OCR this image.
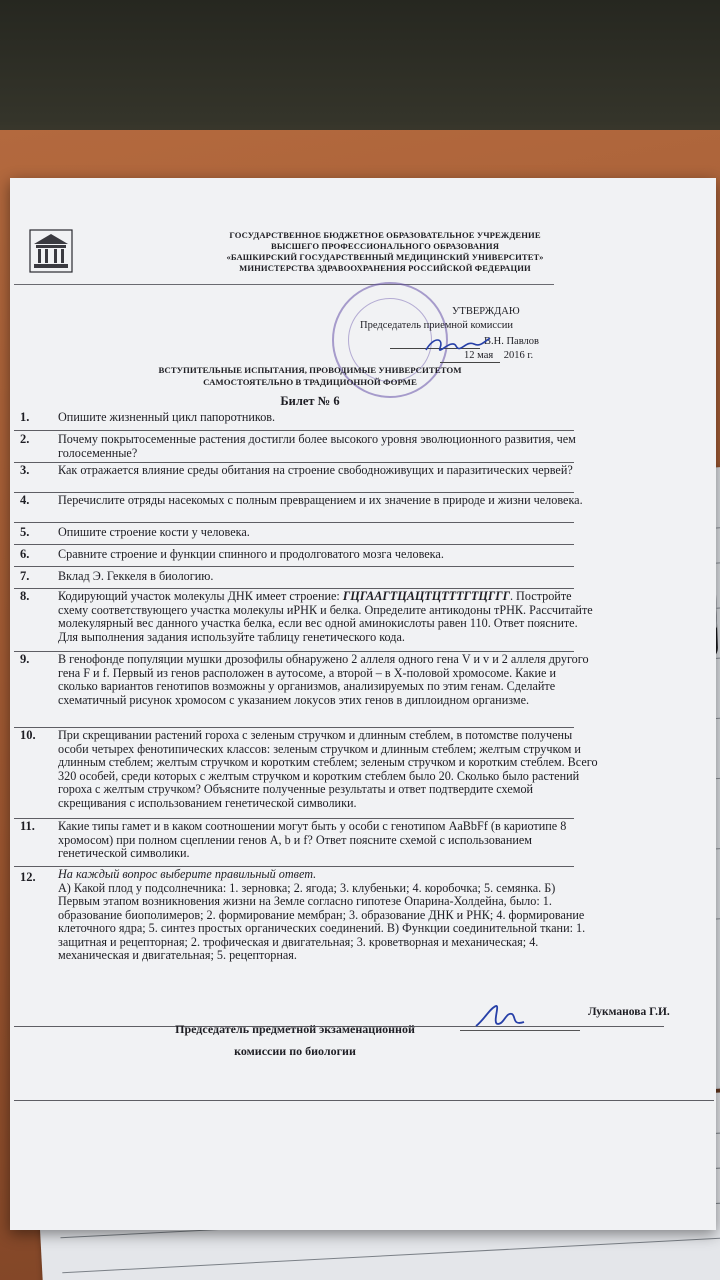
ГОСУДАРСТВЕННОЕ БЮДЖЕТНОЕ ОБРАЗОВАТЕЛЬНОЕ УЧРЕЖДЕНИЕ
ВЫСШЕГО ПРОФЕССИОНАЛЬНОГО ОБРАЗОВАНИЯ
«БАШКИРСКИЙ ГОСУДАРСТВЕННЫЙ МЕДИЦИНСКИЙ УНИВЕРСИТЕТ»
МИНИСТЕРСТВА ЗДРАВООХРАНЕНИЯ РОССИЙСКОЙ ФЕДЕРАЦИИ
УТВЕРЖДАЮ
Председатель приемной комиссии
В.Н. Павлов
12 мая 2016 г.
ВСТУПИТЕЛЬНЫЕ ИСПЫТАНИЯ, ПРОВОДИМЫЕ УНИВЕРСИТЕТОМ
САМОСТОЯТЕЛЬНО В ТРАДИЦИОННОЙ ФОРМЕ
Билет № 6
1.	Опишите жизненный цикл папоротников.
2.	Почему покрытосеменные растения достигли более высокого уровня эволюционного развития, чем голосеменные?
3.	Как отражается влияние среды обитания на строение свободноживущих и паразитических червей?
4.	Перечислите отряды насекомых с полным превращением и их значение в природе и жизни человека.
5.	Опишите строение кости у человека.
6.	Сравните строение и функции спинного и продолговатого мозга человека.
7.	Вклад Э. Геккеля в биологию.
8.	Кодирующий участок молекулы ДНК имеет строение: ГЦГААГТЦАЦТЦТТТГТЦГГГ. Постройте схему соответствующего участка молекулы иРНК и белка. Определите антикодоны тРНК. Рассчитайте молекулярный вес данного участка белка, если вес одной аминокислоты равен 110. Ответ поясните. Для выполнения задания используйте таблицу генетического кода.
9.	В генофонде популяции мушки дрозофилы обнаружено 2 аллеля одного гена V и v и 2 аллеля другого гена F и f. Первый из генов расположен в аутосоме, а второй – в X-половой хромосоме. Какие и сколько вариантов генотипов возможны у организмов, анализируемых по этим генам. Сделайте схематичный рисунок хромосом с указанием локусов этих генов в диплоидном организме.
10.	При скрещивании растений гороха с зеленым стручком и длинным стеблем, в потомстве получены особи четырех фенотипических классов: зеленым стручком и длинным стеблем; желтым стручком и длинным стеблем; желтым стручком и коротким стеблем; зеленым стручком и коротким стеблем. Всего 320 особей, среди которых с желтым стручком и коротким стеблем было 20. Сколько было растений гороха с желтым стручком? Объясните полученные результаты и ответ подтвердите схемой скрещивания с использованием генетической символики.
11.	Какие типы гамет и в каком соотношении могут быть у особи с генотипом AaBbFf (в кариотипе 8 хромосом) при полном сцеплении генов A, b и f? Ответ поясните схемой с использованием генетической символики.
12.	На каждый вопрос выберите правильный ответ.
А) Какой плод у подсолнечника: 1. зерновка; 2. ягода; 3. клубеньки; 4. коробочка; 5. семянка. Б) Первым этапом возникновения жизни на Земле согласно гипотезе Опарина-Холдейна, было: 1. образование биополимеров; 2. формирование мембран; 3. образование ДНК и РНК; 4. формирование клеточного ядра; 5. синтез простых органических соединений. В) Функции соединительной ткани: 1. защитная и рецепторная; 2. трофическая и двигательная; 3. кроветворная и механическая; 4. механическая и двигательная; 5. рецепторная.
Председатель предметной экзаменационной
комиссии по биологии
Лукманова Г.И.
